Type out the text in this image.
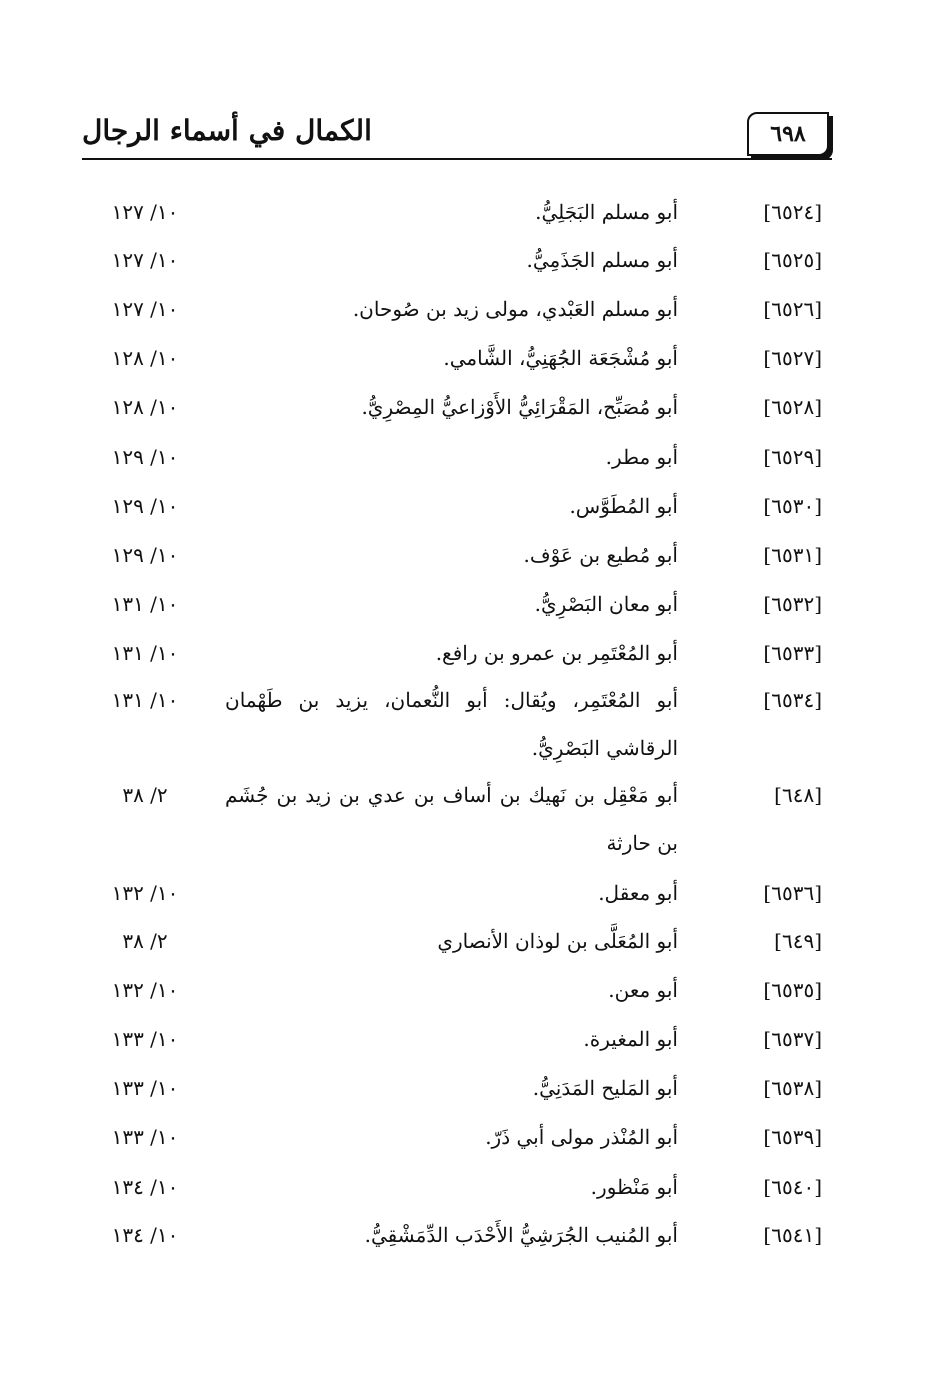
الكمال في أسماء الرجال	٦٩٨
[٦٥٢٤]
أبو مسلم البَجَلِيُّ.
١٠/ ١٢٧
[٦٥٢٥]
أبو مسلم الجَذَمِيُّ.
١٠/ ١٢٧
[٦٥٢٦]
أبو مسلم العَبْدي، مولى زيد بن صُوحان.
١٠/ ١٢٧
[٦٥٢٧]
أبو مُشْجَعَة الجُهَنِيُّ، الشَّامي.
١٠/ ١٢٨
[٦٥٢٨]
أبو مُصَبِّح، المَقْرَائِيُّ الأَوْزاعيُّ المِصْرِيُّ.
١٠/ ١٢٨
[٦٥٢٩]
أبو مطر.
١٠/ ١٢٩
[٦٥٣٠]
أبو المُطَوَّس.
١٠/ ١٢٩
[٦٥٣١]
أبو مُطيع بن عَوْف.
١٠/ ١٢٩
[٦٥٣٢]
أبو معان البَصْرِيُّ.
١٠/ ١٣١
[٦٥٣٣]
أبو المُعْتَمِر بن عمرو بن رافع.
١٠/ ١٣١
[٦٥٣٤]
أبو المُعْتَمِر، ويُقال: أبو النُّعمان، يزيد بن طَهْمان
١٠/ ١٣١
الرقاشي البَصْرِيُّ.
[٦٤٨]
أبو مَعْقِل بن نَهيك بن أساف بن عدي بن زيد بن جُشَم
٢/ ٣٨
بن حارثة
[٦٥٣٦]
أبو معقل.
١٠/ ١٣٢
[٦٤٩]
أبو المُعَلَّى بن لوذان الأنصاري
٢/ ٣٨
[٦٥٣٥]
أبو معن.
١٠/ ١٣٢
[٦٥٣٧]
أبو المغيرة.
١٠/ ١٣٣
[٦٥٣٨]
أبو المَليح المَدَنِيُّ.
١٠/ ١٣٣
[٦٥٣٩]
أبو المُنْذر مولى أبي ذَرّ.
١٠/ ١٣٣
[٦٥٤٠]
أبو مَنْظور.
١٠/ ١٣٤
[٦٥٤١]
أبو المُنيب الجُرَشِيُّ الأَحْدَب الدِّمَشْقِيُّ.
١٠/ ١٣٤
